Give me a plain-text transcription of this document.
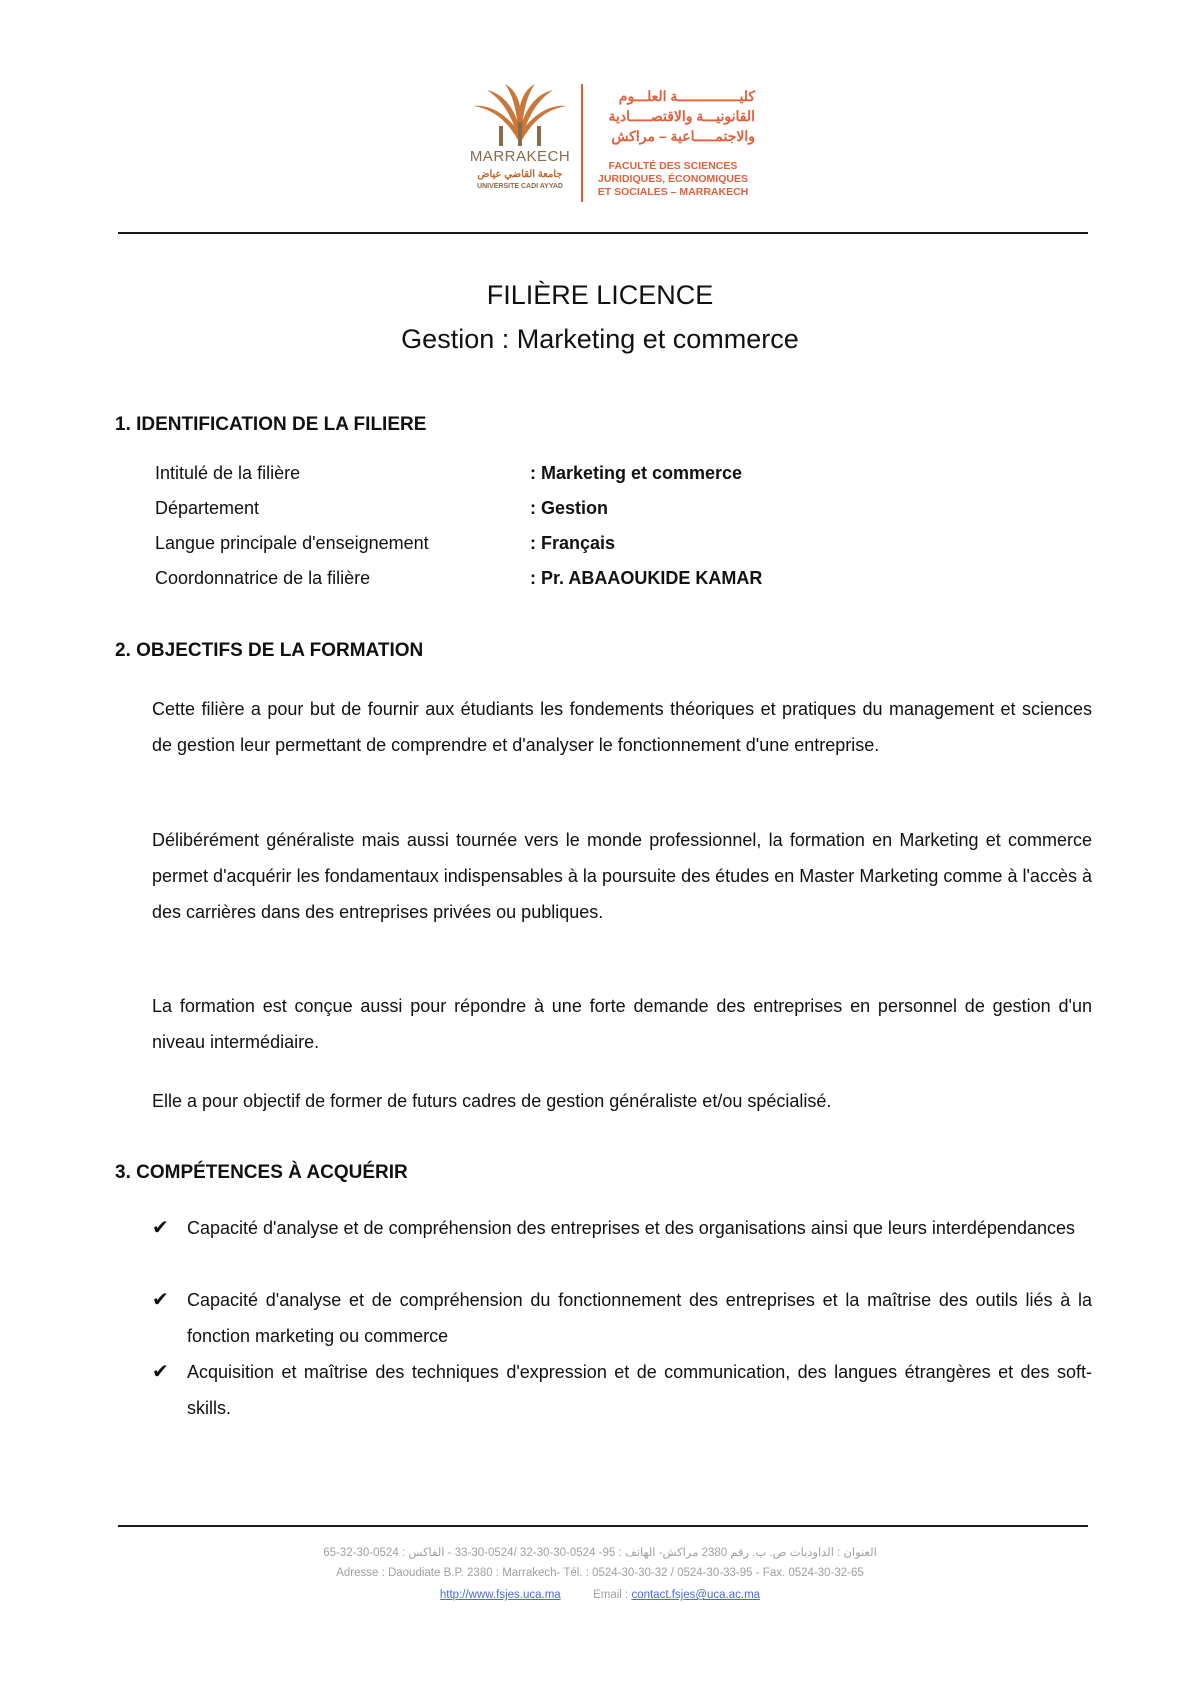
MARRAKECH
جامعة القاضي عياض
UNIVERSITE CADI AYYAD
كليـــــــــــــــة العلـــوم
القانونيـــة والاقتصـــــادية
والاجتمـــــاعية – مراكش
FACULTÉ DES SCIENCES
JURIDIQUES, ÉCONOMIQUES
ET SOCIALES – MARRAKECH
FILIÈRE LICENCE
Gestion : Marketing et commerce
1. IDENTIFICATION DE LA FILIERE
Intitulé de la filière	: Marketing et commerce
Département	: Gestion
Langue principale d'enseignement	: Français
Coordonnatrice de la filière	: Pr. ABAAOUKIDE KAMAR
2. OBJECTIFS DE LA FORMATION
Cette filière a pour but de fournir aux étudiants les fondements théoriques et pratiques du management et sciences de gestion leur permettant de comprendre et d'analyser le fonctionnement d'une entreprise.
Délibérément généraliste mais aussi tournée vers le monde professionnel, la formation en Marketing et commerce permet d'acquérir les fondamentaux indispensables à la poursuite des études en Master Marketing comme à l'accès à des carrières dans des entreprises privées ou publiques.
La formation est conçue aussi pour répondre à une forte demande des entreprises en personnel de gestion d'un niveau intermédiaire.
Elle a pour objectif de former de futurs cadres de gestion généraliste et/ou spécialisé.
3. COMPÉTENCES À ACQUÉRIR
✔ Capacité d'analyse et de compréhension des entreprises et des organisations ainsi que leurs interdépendances
✔ Capacité d'analyse et de compréhension du fonctionnement des entreprises et la maîtrise des outils liés à la fonction marketing ou commerce
✔ Acquisition et maîtrise des techniques d'expression et de communication, des langues étrangères et des soft-skills.
العنوان : الداوديات ص. ب. رقم 2380 مراكش- الهاتف : 95- 0524-30-30-32 /0524-30-33 - الفاكس : 0524-30-32-65
Adresse : Daoudiate B.P. 2380 : Marrakech- Tél. : 0524-30-30-32 / 0524-30-33-95 - Fax. 0524-30-32-65
http://www.fsjes.uca.ma	Email : contact.fsjes@uca.ac.ma
